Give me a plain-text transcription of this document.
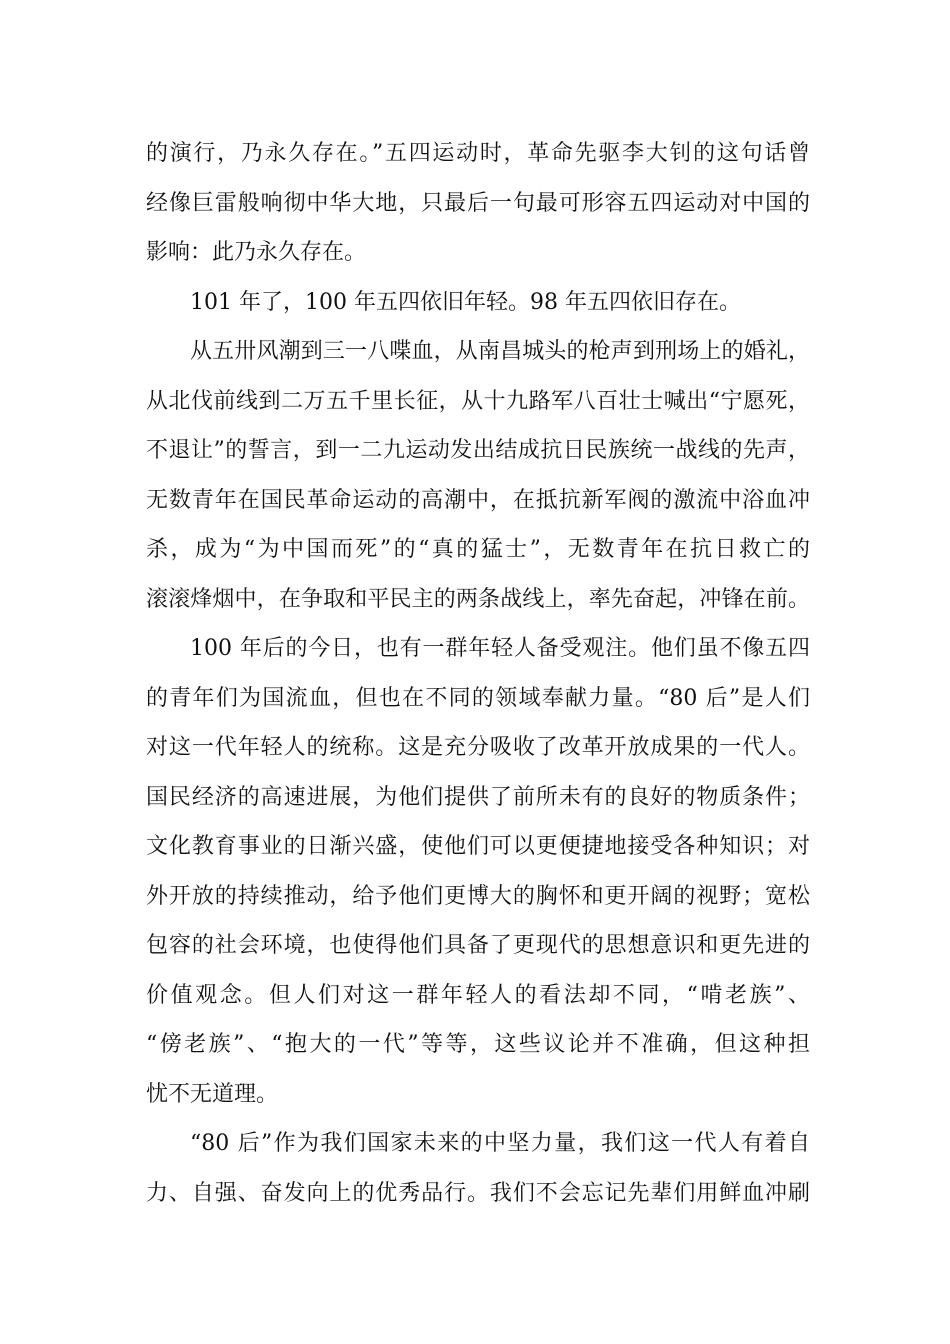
的演行，乃永久存在。”五四运动时，革命先驱李大钊的这句话曾
经像巨雷般响彻中华大地，只最后一句最可形容五四运动对中国的
影响：此乃永久存在。
101 年了，100 年五四依旧年轻。98 年五四依旧存在。
从五卅风潮到三一八喋血，从南昌城头的枪声到刑场上的婚礼，
从北伐前线到二万五千里长征，从十九路军八百壮士喊出“宁愿死，
不退让”的誓言，到一二九运动发出结成抗日民族统一战线的先声，
无数青年在国民革命运动的高潮中，在抵抗新军阀的激流中浴血冲
杀，成为“为中国而死”的“真的猛士”，无数青年在抗日救亡的
滚滚烽烟中，在争取和平民主的两条战线上，率先奋起，冲锋在前。
100 年后的今日，也有一群年轻人备受观注。他们虽不像五四
的青年们为国流血，但也在不同的领域奉献力量。“80 后”是人们
对这一代年轻人的统称。这是充分吸收了改革开放成果的一代人。
国民经济的高速进展，为他们提供了前所未有的良好的物质条件；
文化教育事业的日渐兴盛，使他们可以更便捷地接受各种知识；对
外开放的持续推动，给予他们更博大的胸怀和更开阔的视野；宽松
包容的社会环境，也使得他们具备了更现代的思想意识和更先进的
价值观念。但人们对这一群年轻人的看法却不同，“啃老族”、
“傍老族”、“抱大的一代”等等，这些议论并不准确，但这种担
忧不无道理。
“80 后”作为我们国家未来的中坚力量，我们这一代人有着自
力、自强、奋发向上的优秀品行。我们不会忘记先辈们用鲜血冲刷
